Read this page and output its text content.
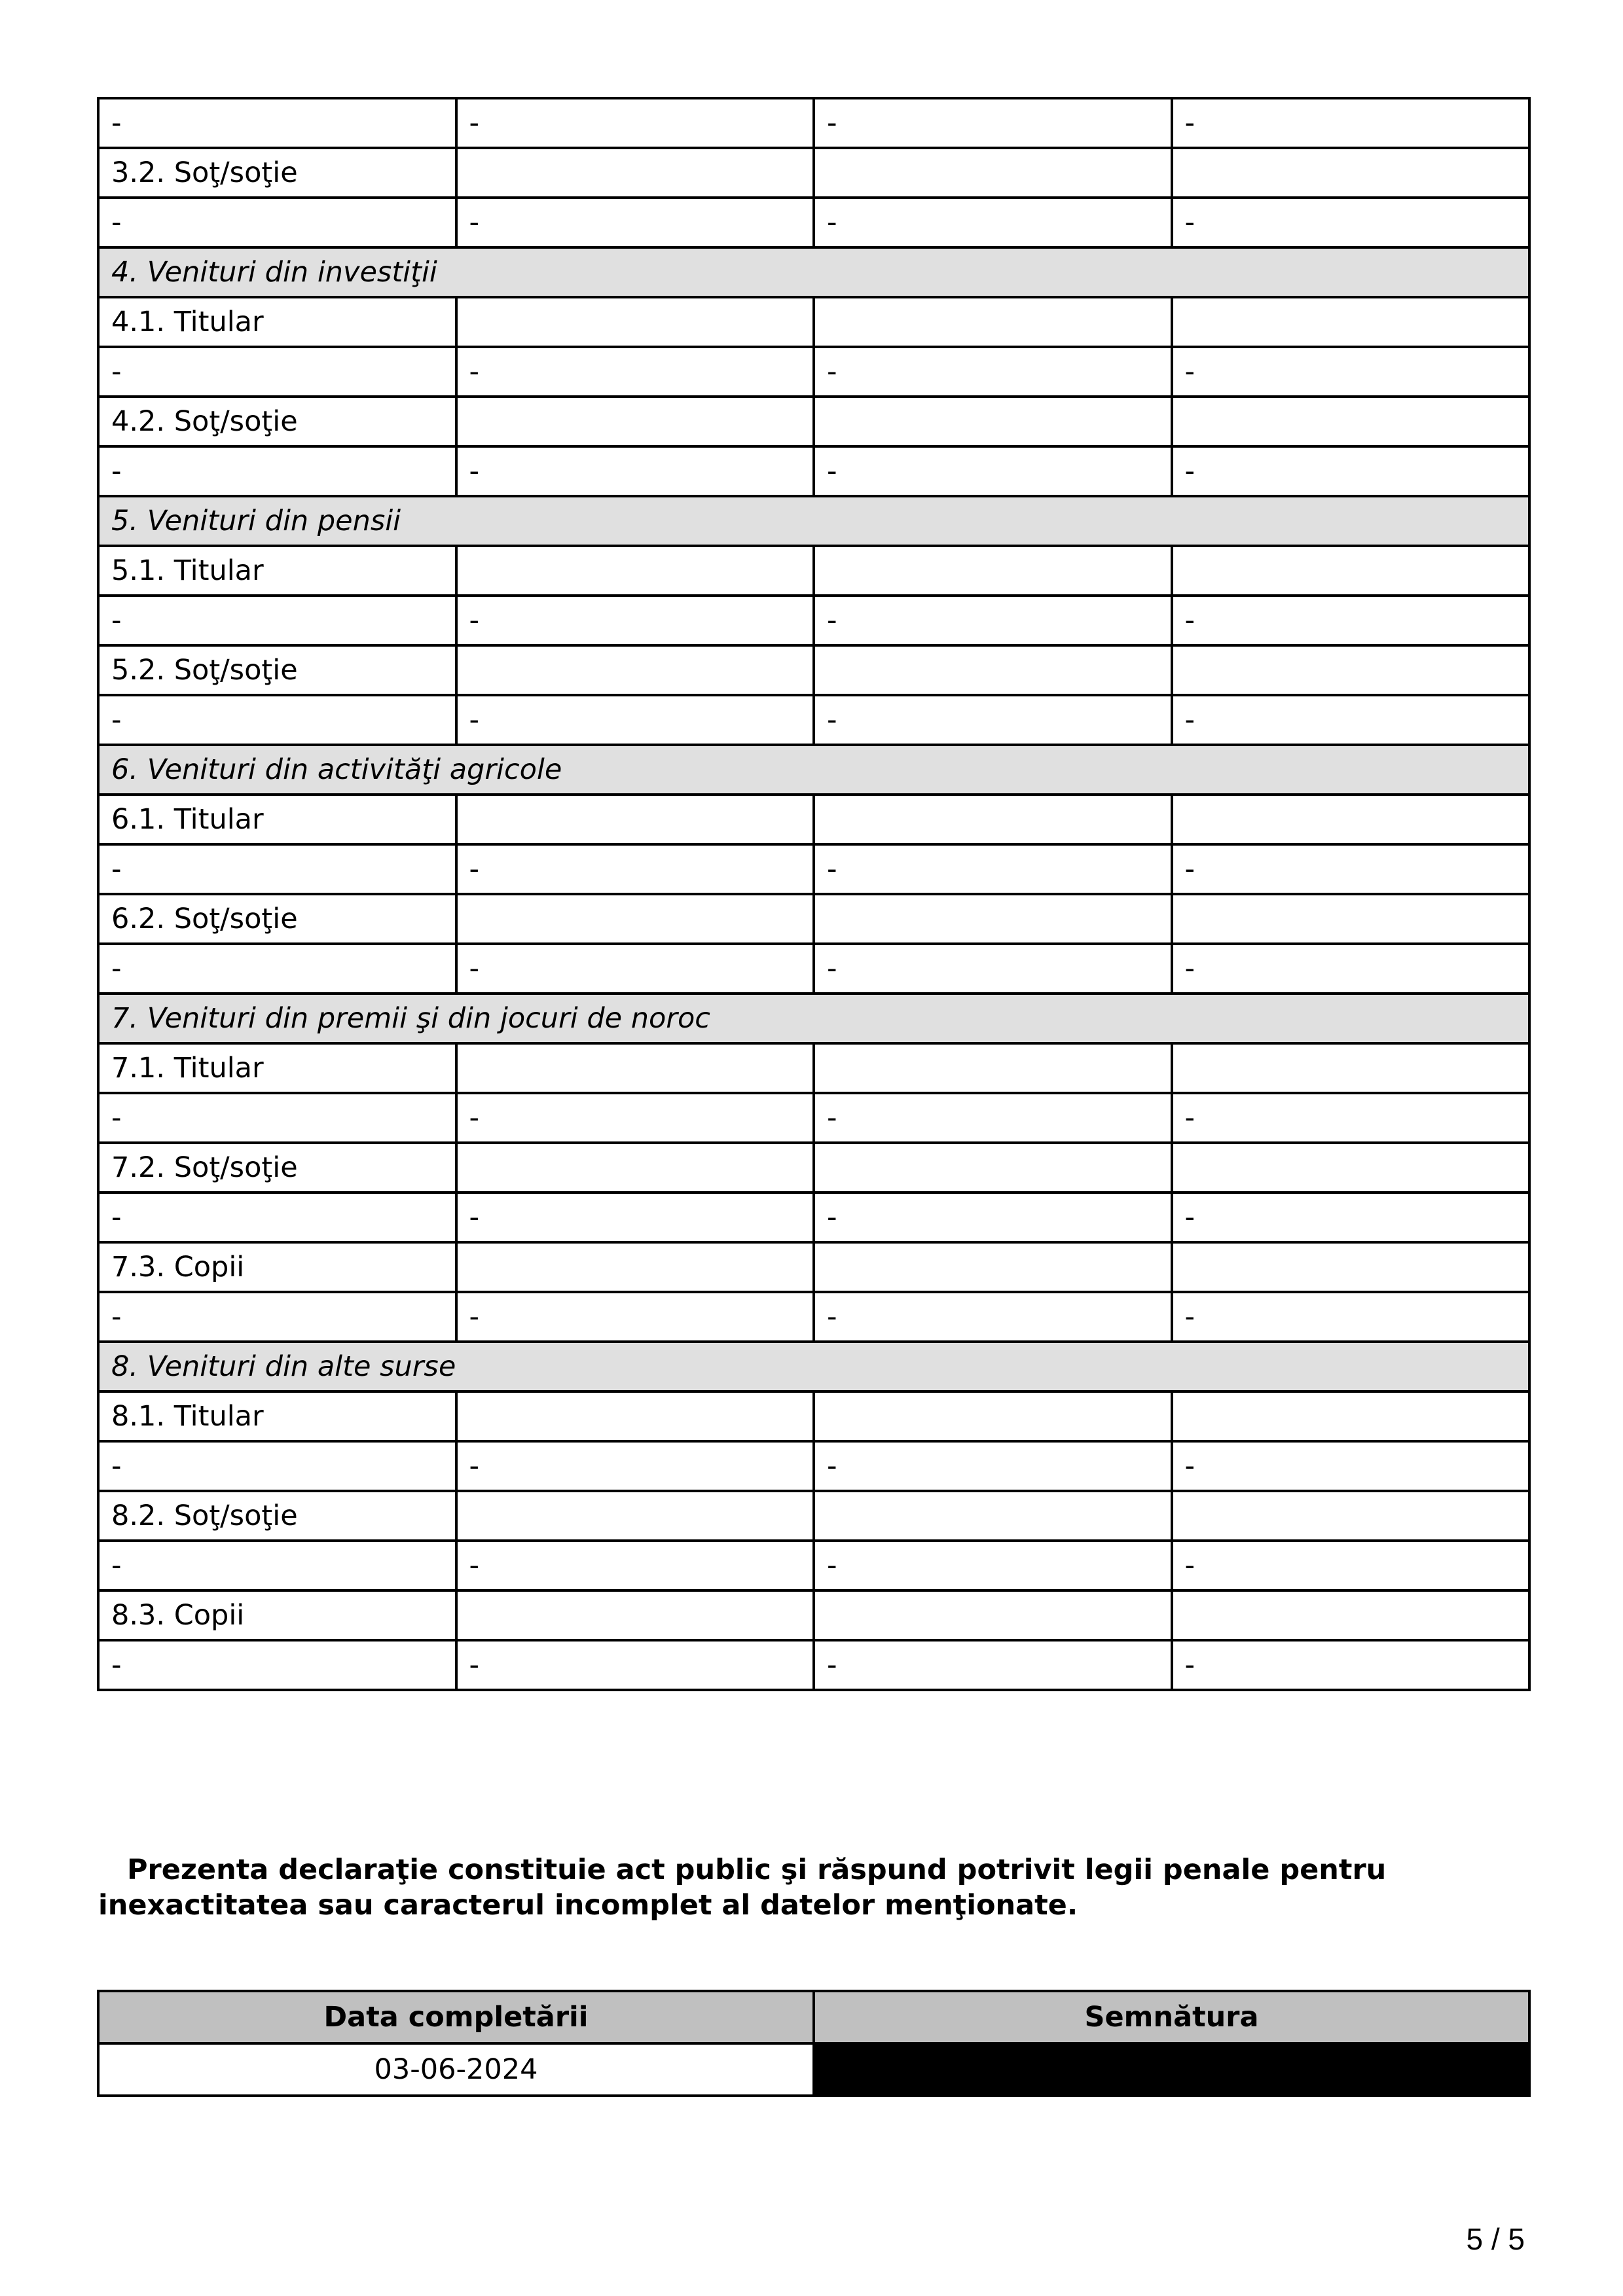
-	-	-	-
3.2. Soţ/soţie			
-	-	-	-
4. Venituri din investiţii			
4.1. Titular			
-	-	-	-
4.2. Soţ/soţie			
-	-	-	-
5. Venituri din pensii			
5.1. Titular			
-	-	-	-
5.2. Soţ/soţie			
-	-	-	-
6. Venituri din activităţi agricole			
6.1. Titular			
-	-	-	-
6.2. Soţ/soţie			
-	-	-	-
7. Venituri din premii şi din jocuri de noroc			
7.1. Titular			
-	-	-	-
7.2. Soţ/soţie			
-	-	-	-
7.3. Copii			
-	-	-	-
8. Venituri din alte surse			
8.1. Titular			
-	-	-	-
8.2. Soţ/soţie			
-	-	-	-
8.3. Copii			
-	-	-	-
Prezenta declaraţie constituie act public şi răspund potrivit legii penale pentru inexactitatea sau caracterul incomplet al datelor menţionate.
Data completării	Semnătura
03-06-2024	
5 / 5
